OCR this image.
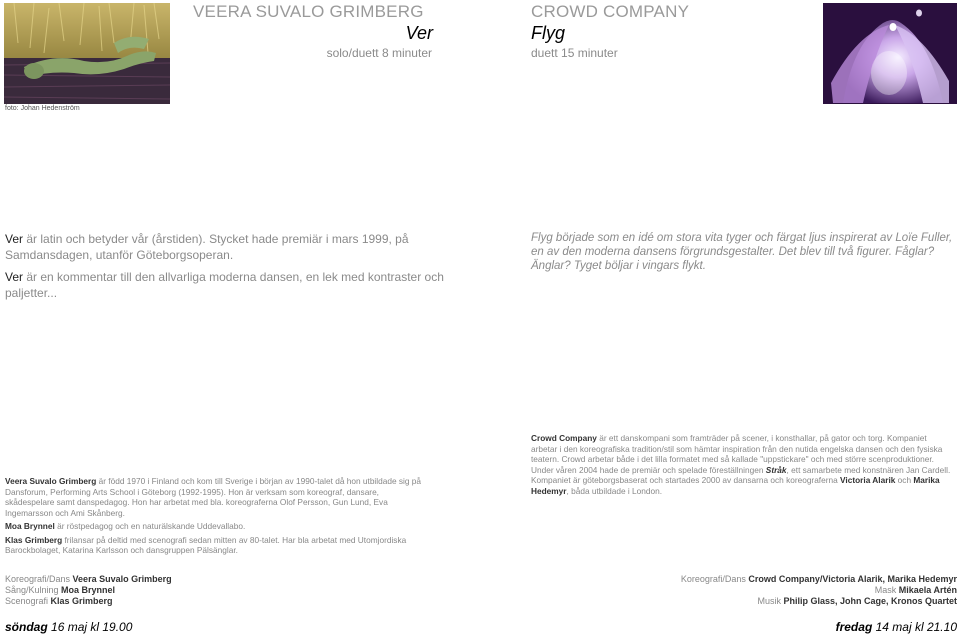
foto: Johan Hedenström
VEERA SUVALO GRIMBERG
Ver
solo/duett 8 minuter
CROWD COMPANY
Flyg
duett 15 minuter
Ver är latin och betyder vår (årstiden). Stycket hade premiär i mars 1999, på Samdansdagen, utanför Göteborgsoperan.
Ver är en kommentar till den allvarliga moderna dansen, en lek med kontraster och paljetter...
Flyg började som en idé om stora vita tyger och färgat ljus inspirerat av Loïe Fuller, en av den moderna dansens förgrundsgestalter. Det blev till två figurer. Fåglar? Änglar? Tyget böljar i vingars flykt.

Veera Suvalo Grimberg är född 1970 i Finland och kom till Sverige i början av 1990-talet då hon utbildade sig på Dansforum, Performing Arts School i Göteborg (1992-1995). Hon är verksam som koreograf, dansare, skådespelare samt danspedagog. Hon har arbetat med bla. koreograferna Olof Persson, Gun Lund, Eva Ingemarsson och Ami Skånberg.

Moa Brynnel är röstpedagog och en naturälskande Uddevallabo.

Klas Grimberg frilansar på deltid med scenografi sedan mitten av 80-talet. Har bla arbetat med Utomjordiska Barockbolaget, Katarina Karlsson och dansgruppen Pälsänglar.

Crowd Company är ett danskompani som framträder på scener, i konsthallar, på gator och torg. Kompaniet arbetar i den koreografiska tradition/stil som hämtar inspiration från den nutida engelska dansen och den fysiska teatern. Crowd arbetar både i det lilla formatet med så kallade "uppstickare" och med större scenproduktioner. Under våren 2004 hade de premiär och spelade föreställningen Stråk, ett samarbete med konstnären Jan Cardell. Kompaniet är göteborgsbaserat och startades 2000 av dansarna och koreograferna Victoria Alarik och Marika Hedemyr, båda utbildade i London.

Koreografi/Dans Veera Suvalo Grimberg
Sång/Kulning Moa Brynnel
Scenografi Klas Grimberg
Koreografi/Dans Crowd Company/Victoria Alarik, Marika Hedemyr
Mask Mikaela Artén
Musik Philip Glass, John Cage, Kronos Quartet
söndag 16 maj kl 19.00	fredag 14 maj kl 21.10
